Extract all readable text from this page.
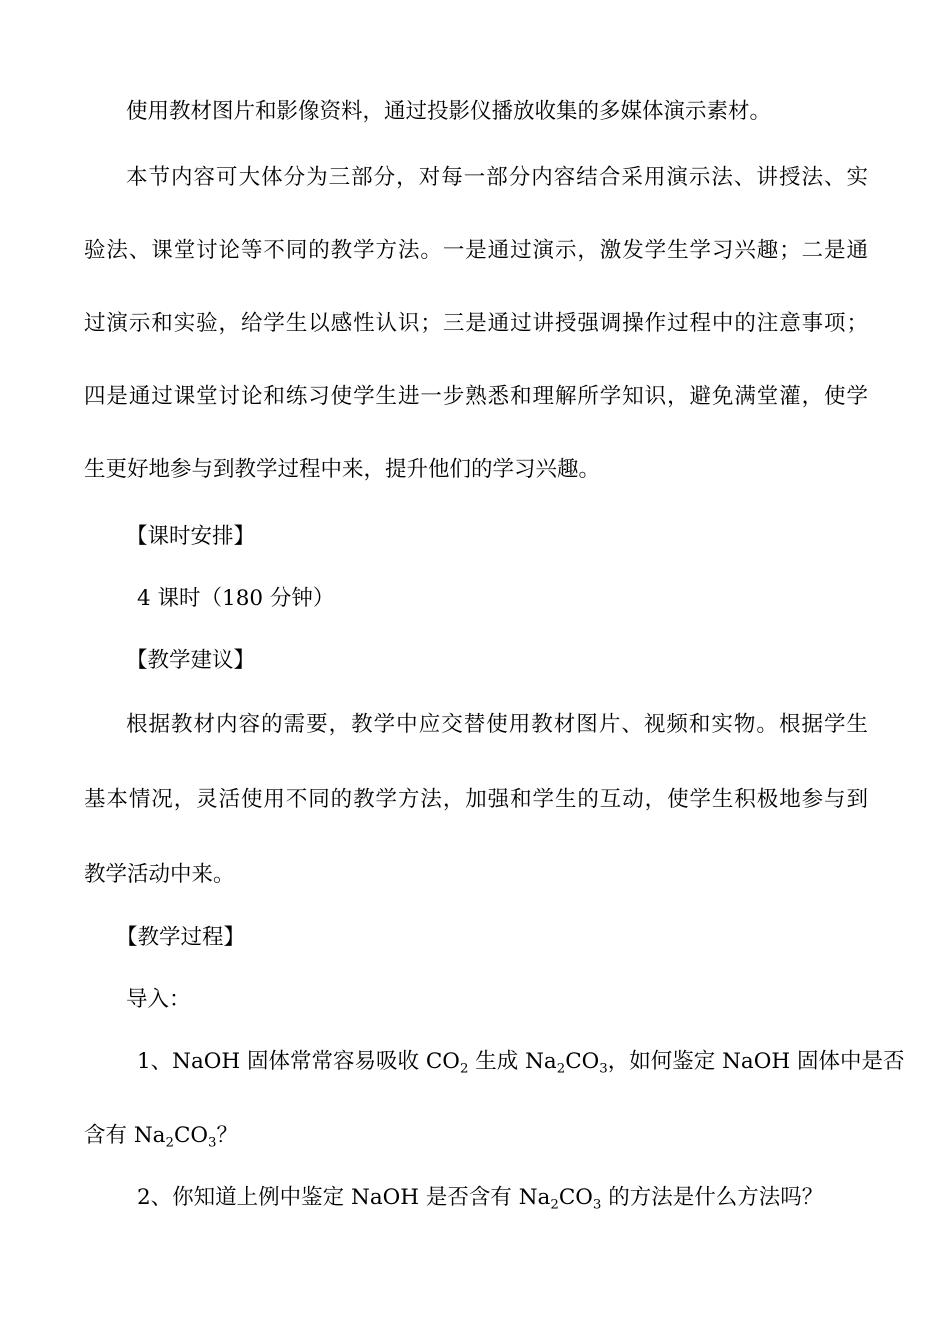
使用教材图片和影像资料，通过投影仪播放收集的多媒体演示素材。
本节内容可大体分为三部分，对每一部分内容结合采用演示法、讲授法、实
验法、课堂讨论等不同的教学方法。一是通过演示，激发学生学习兴趣；二是通
过演示和实验，给学生以感性认识；三是通过讲授强调操作过程中的注意事项；
四是通过课堂讨论和练习使学生进一步熟悉和理解所学知识，避免满堂灌，使学
生更好地参与到教学过程中来，提升他们的学习兴趣。
【课时安排】
4 课时（180 分钟）
【教学建议】
根据教材内容的需要，教学中应交替使用教材图片、视频和实物。根据学生
基本情况，灵活使用不同的教学方法，加强和学生的互动，使学生积极地参与到
教学活动中来。
【教学过程】
导入：
1、NaOH 固体常常容易吸收 $CO_2$ 生成 $Na_2CO_3$，如何鉴定 NaOH 固体中是否
含有 $Na_2CO_3$？
2、你知道上例中鉴定 NaOH 是否含有 $Na_2CO_3$ 的方法是什么方法吗？
